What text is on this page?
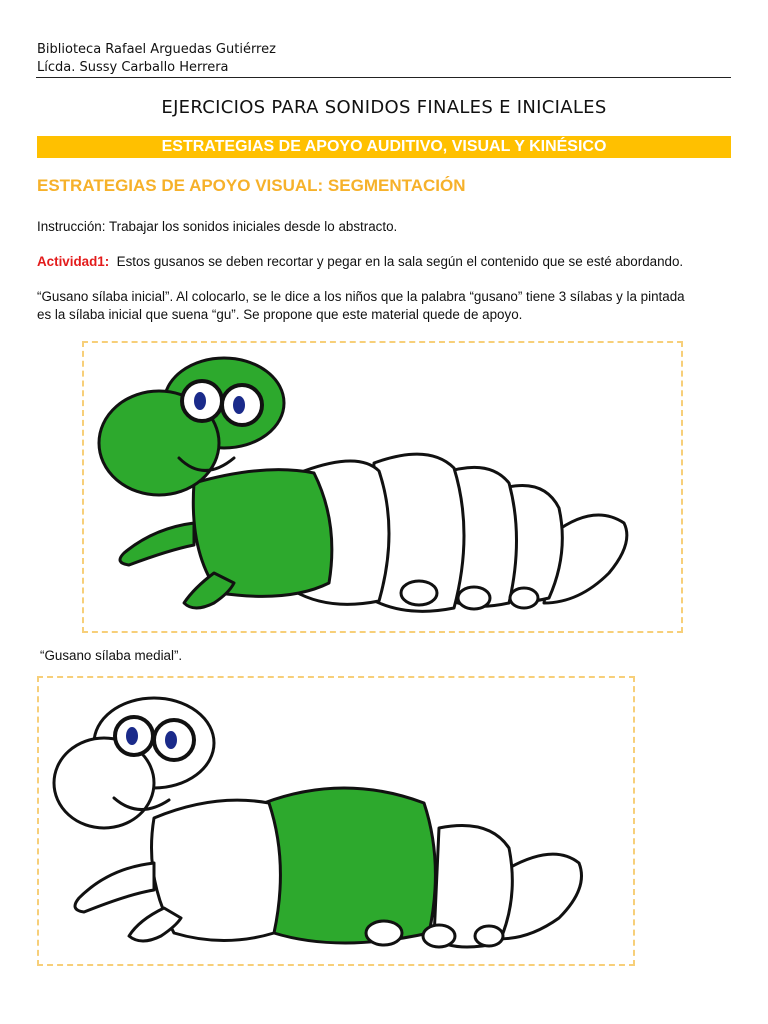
Biblioteca Rafael Arguedas Gutiérrez
Lícda. Sussy Carballo Herrera
EJERCICIOS PARA SONIDOS FINALES E INICIALES
ESTRATEGIAS DE APOYO AUDITIVO, VISUAL Y KINÉSICO
ESTRATEGIAS DE APOYO VISUAL: SEGMENTACIÓN
Instrucción: Trabajar los sonidos iniciales desde lo abstracto.
Actividad1: Estos gusanos se deben recortar y pegar en la sala según el contenido que se esté abordando.
“Gusano sílaba inicial”. Al colocarlo, se le dice a los niños que la palabra “gusano” tiene 3 sílabas y la pintada
es la sílaba inicial que suena “gu”. Se propone que este material quede de apoyo.
“Gusano sílaba medial”.
